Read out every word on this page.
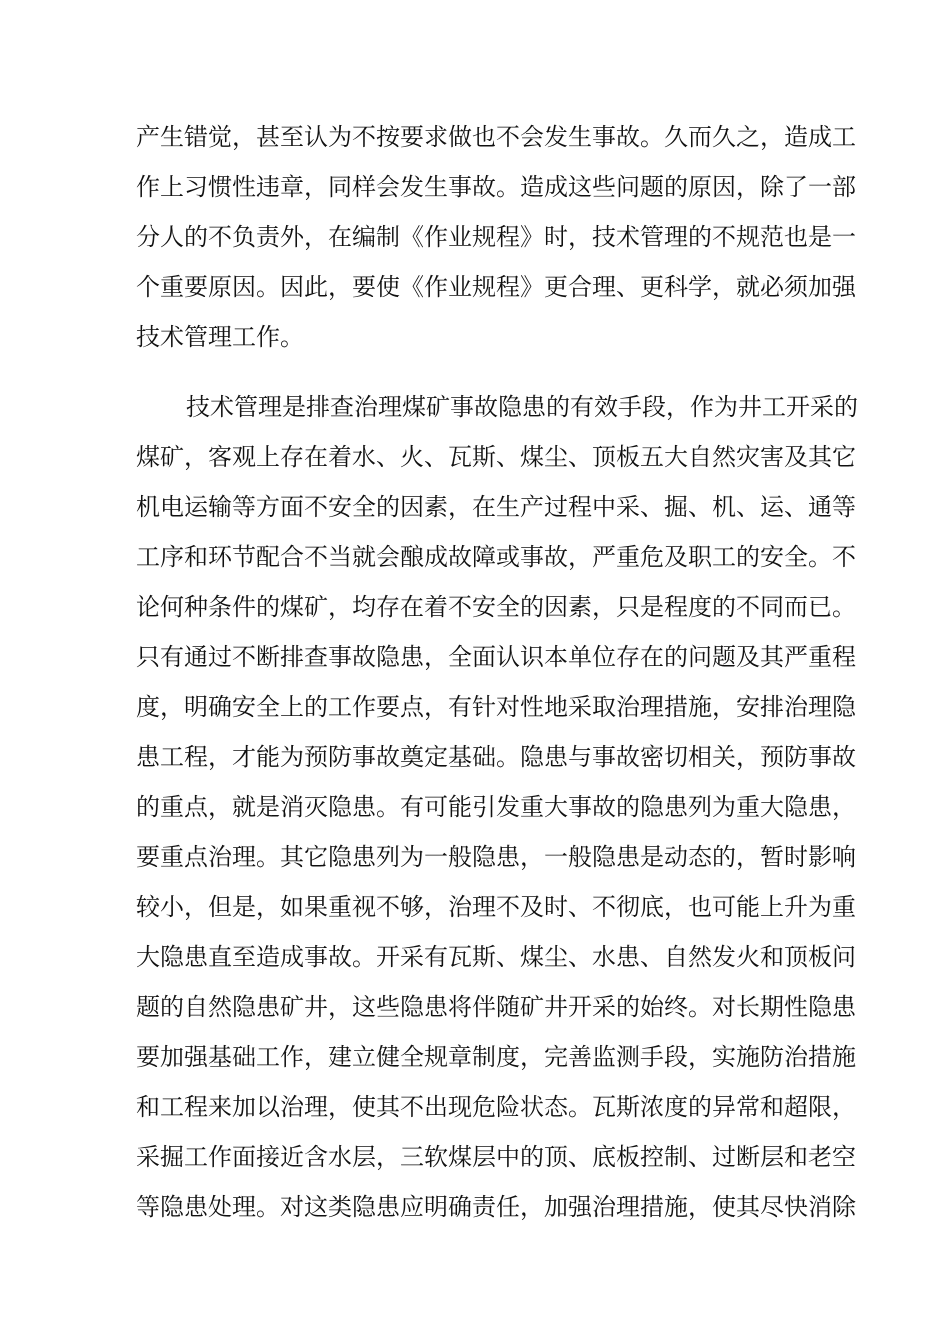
产生错觉，甚至认为不按要求做也不会发生事故。久而久之，造成工
作上习惯性违章，同样会发生事故。造成这些问题的原因，除了一部
分人的不负责外，在编制《作业规程》时，技术管理的不规范也是一
个重要原因。因此，要使《作业规程》更合理、更科学，就必须加强
技术管理工作。
技术管理是排查治理煤矿事故隐患的有效手段，作为井工开采的
煤矿，客观上存在着水、火、瓦斯、煤尘、顶板五大自然灾害及其它
机电运输等方面不安全的因素，在生产过程中采、掘、机、运、通等
工序和环节配合不当就会酿成故障或事故，严重危及职工的安全。不
论何种条件的煤矿，均存在着不安全的因素，只是程度的不同而已。
只有通过不断排查事故隐患，全面认识本单位存在的问题及其严重程
度，明确安全上的工作要点，有针对性地采取治理措施，安排治理隐
患工程，才能为预防事故奠定基础。隐患与事故密切相关，预防事故
的重点，就是消灭隐患。有可能引发重大事故的隐患列为重大隐患，
要重点治理。其它隐患列为一般隐患，一般隐患是动态的，暂时影响
较小，但是，如果重视不够，治理不及时、不彻底，也可能上升为重
大隐患直至造成事故。开采有瓦斯、煤尘、水患、自然发火和顶板问
题的自然隐患矿井，这些隐患将伴随矿井开采的始终。对长期性隐患
要加强基础工作，建立健全规章制度，完善监测手段，实施防治措施
和工程来加以治理，使其不出现危险状态。瓦斯浓度的异常和超限，
采掘工作面接近含水层，三软煤层中的顶、底板控制、过断层和老空
等隐患处理。对这类隐患应明确责任，加强治理措施，使其尽快消除
